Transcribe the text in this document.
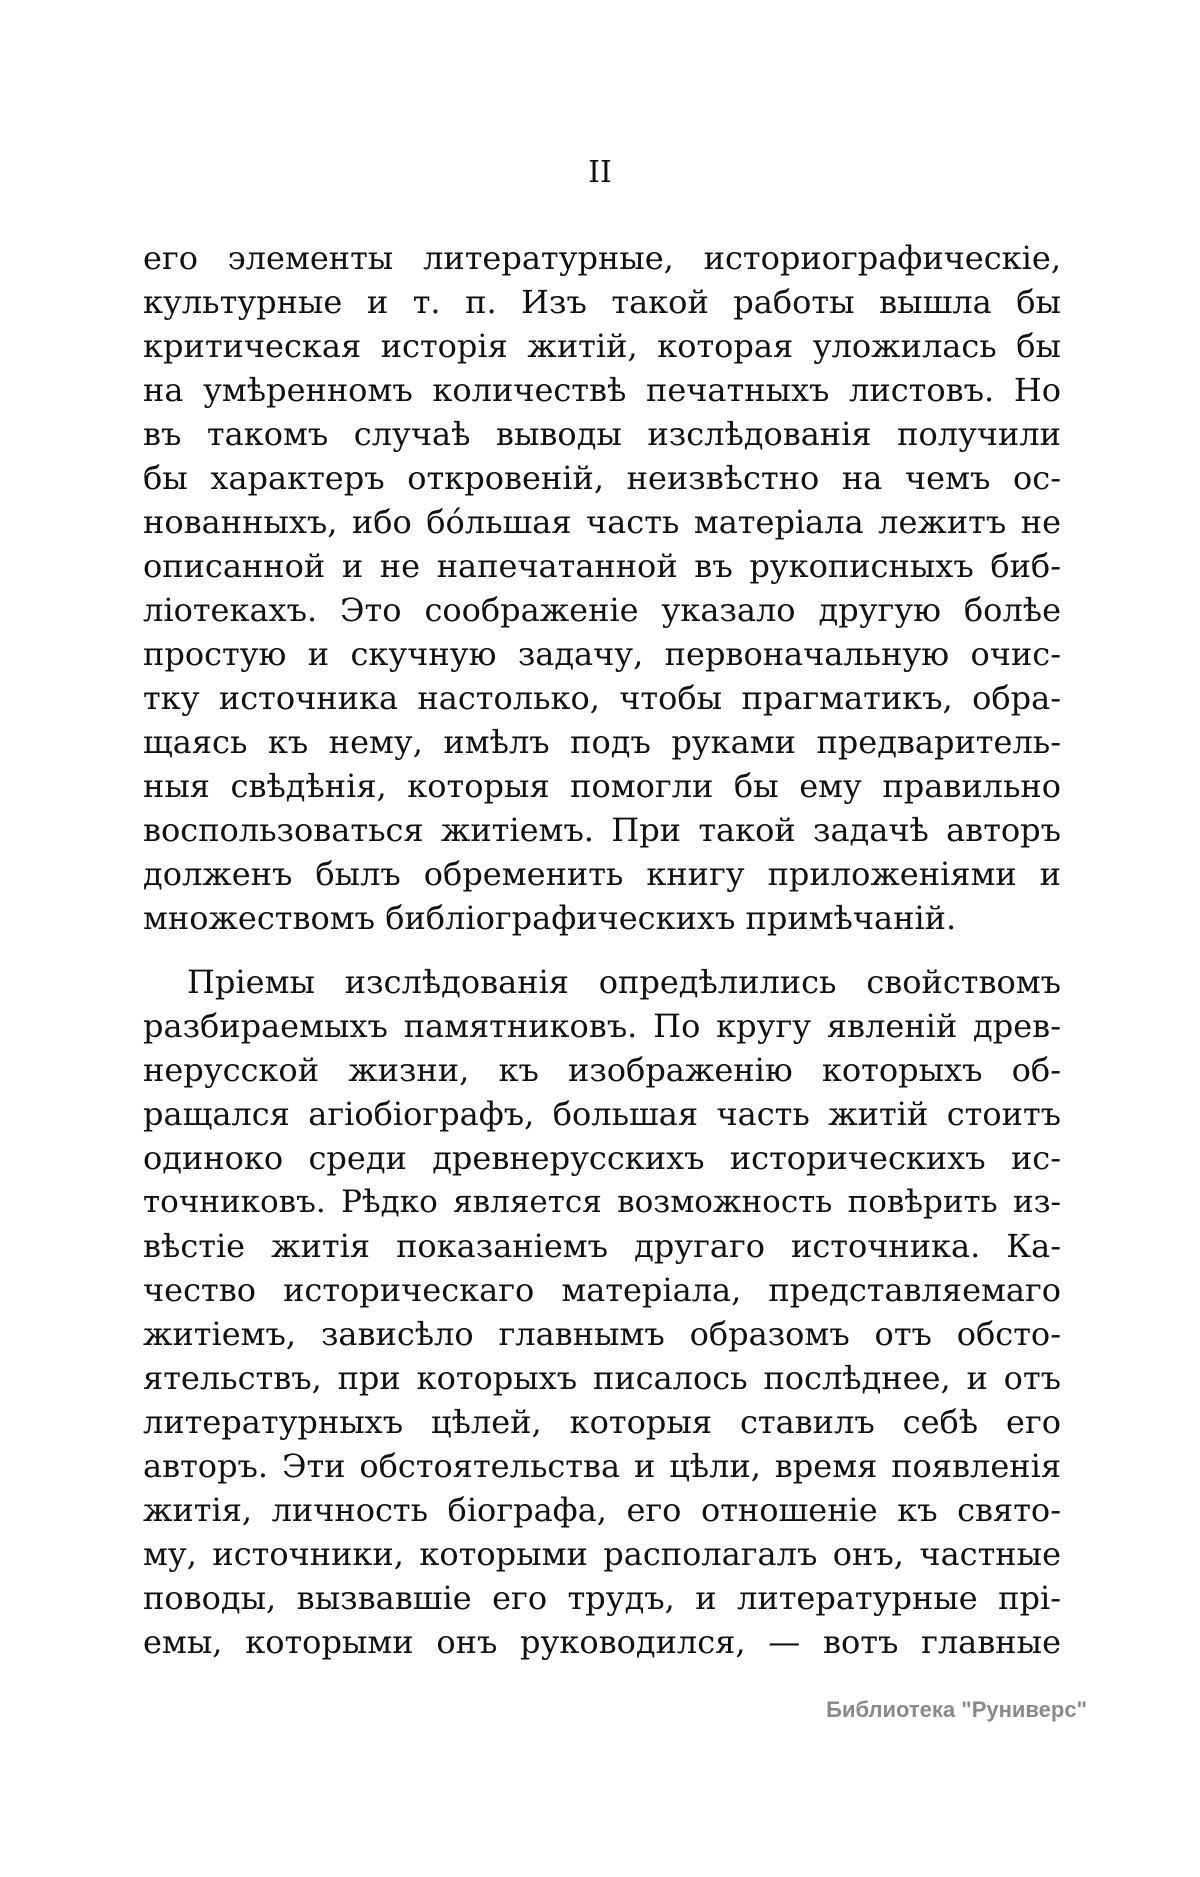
II
его элементы литературные, историографическіе,
культурные и т. п. Изъ такой работы вышла бы
критическая исторія житій, которая уложилась бы
на умѣренномъ количествѣ печатныхъ листовъ. Но
въ такомъ случаѣ выводы изслѣдованія получили
бы характеръ откровеній, неизвѣстно на чемъ ос-
нованныхъ, ибо бóльшая часть матеріала лежитъ не
описанной и не напечатанной въ рукописныхъ биб-
ліотекахъ. Это соображеніе указало другую болѣе
простую и скучную задачу, первоначальную очис-
тку источника настолько, чтобы прагматикъ, обра-
щаясь къ нему, имѣлъ подъ руками предваритель-
ныя свѣдѣнія, которыя помогли бы ему правильно
воспользоваться житіемъ. При такой задачѣ авторъ
долженъ былъ обременить книгу приложеніями и
множествомъ библіографическихъ примѣчаній.
Пріемы изслѣдованія опредѣлились свойствомъ
разбираемыхъ памятниковъ. По кругу явленій древ-
нерусской жизни, къ изображенію которыхъ об-
ращался агіобіографъ, большая часть житій стоитъ
одиноко среди древнерусскихъ историческихъ ис-
точниковъ. Рѣдко является возможность повѣрить из-
вѣстіе житія показаніемъ другаго источника. Ка-
чество историческаго матеріала, представляемаго
житіемъ, зависѣло главнымъ образомъ отъ обсто-
ятельствъ, при которыхъ писалось послѣднее, и отъ
литературныхъ цѣлей, которыя ставилъ себѣ его
авторъ. Эти обстоятельства и цѣли, время появленія
житія, личность біографа, его отношеніе къ свято-
му, источники, которыми располагалъ онъ, частные
поводы, вызвавшіе его трудъ, и литературные прі-
емы, которыми онъ руководился, — вотъ главные
Библиотека "Руниверс"
